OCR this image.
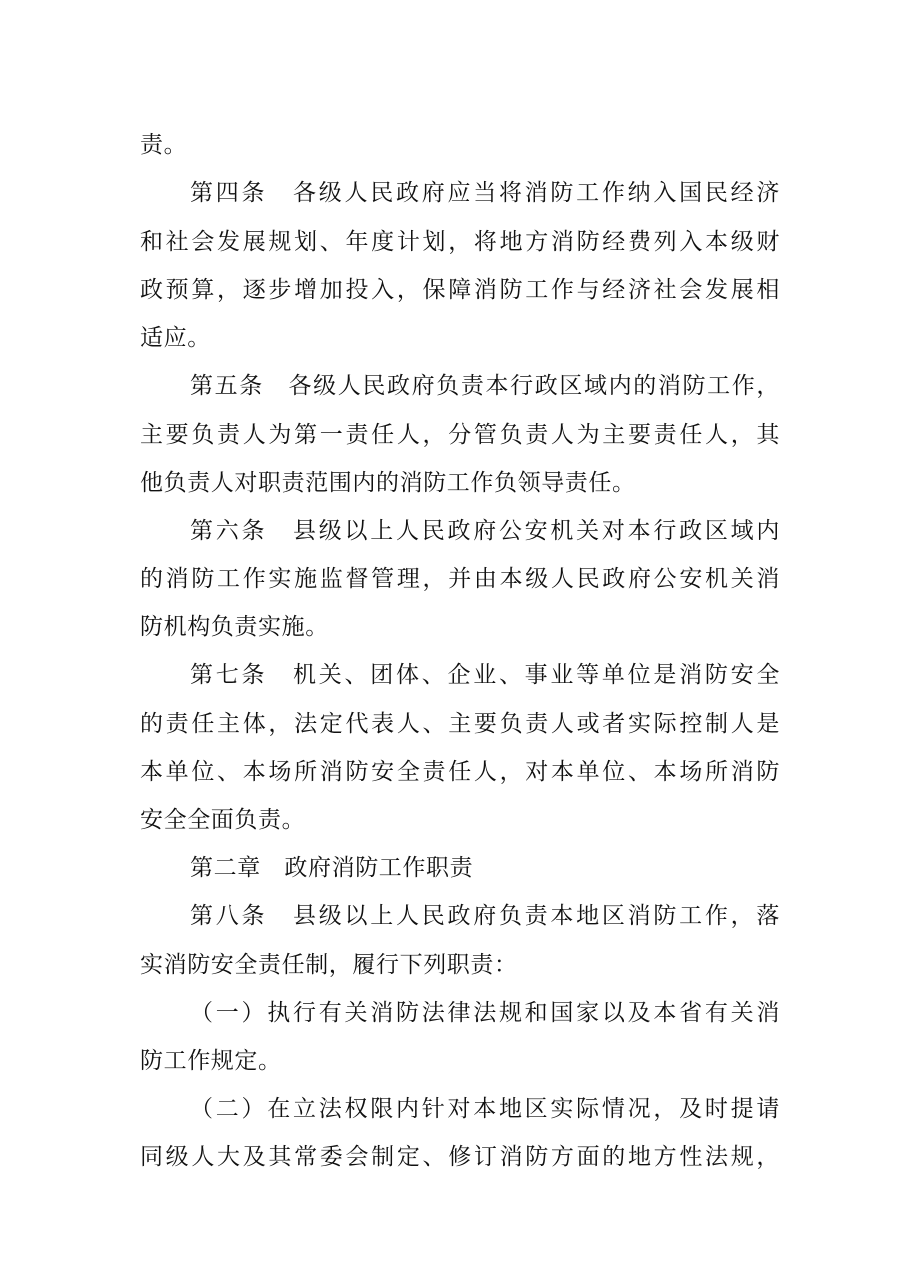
责。
第四条　各级人民政府应当将消防工作纳入国民经济
和社会发展规划、年度计划，将地方消防经费列入本级财
政预算，逐步增加投入，保障消防工作与经济社会发展相
适应。
第五条　各级人民政府负责本行政区域内的消防工作，
主要负责人为第一责任人，分管负责人为主要责任人，其
他负责人对职责范围内的消防工作负领导责任。
第六条　县级以上人民政府公安机关对本行政区域内
的消防工作实施监督管理，并由本级人民政府公安机关消
防机构负责实施。
第七条　机关、团体、企业、事业等单位是消防安全
的责任主体，法定代表人、主要负责人或者实际控制人是
本单位、本场所消防安全责任人，对本单位、本场所消防
安全全面负责。
第二章　政府消防工作职责
第八条　县级以上人民政府负责本地区消防工作，落
实消防安全责任制，履行下列职责：
（一）执行有关消防法律法规和国家以及本省有关消
防工作规定。
（二）在立法权限内针对本地区实际情况，及时提请
同级人大及其常委会制定、修订消防方面的地方性法规，
